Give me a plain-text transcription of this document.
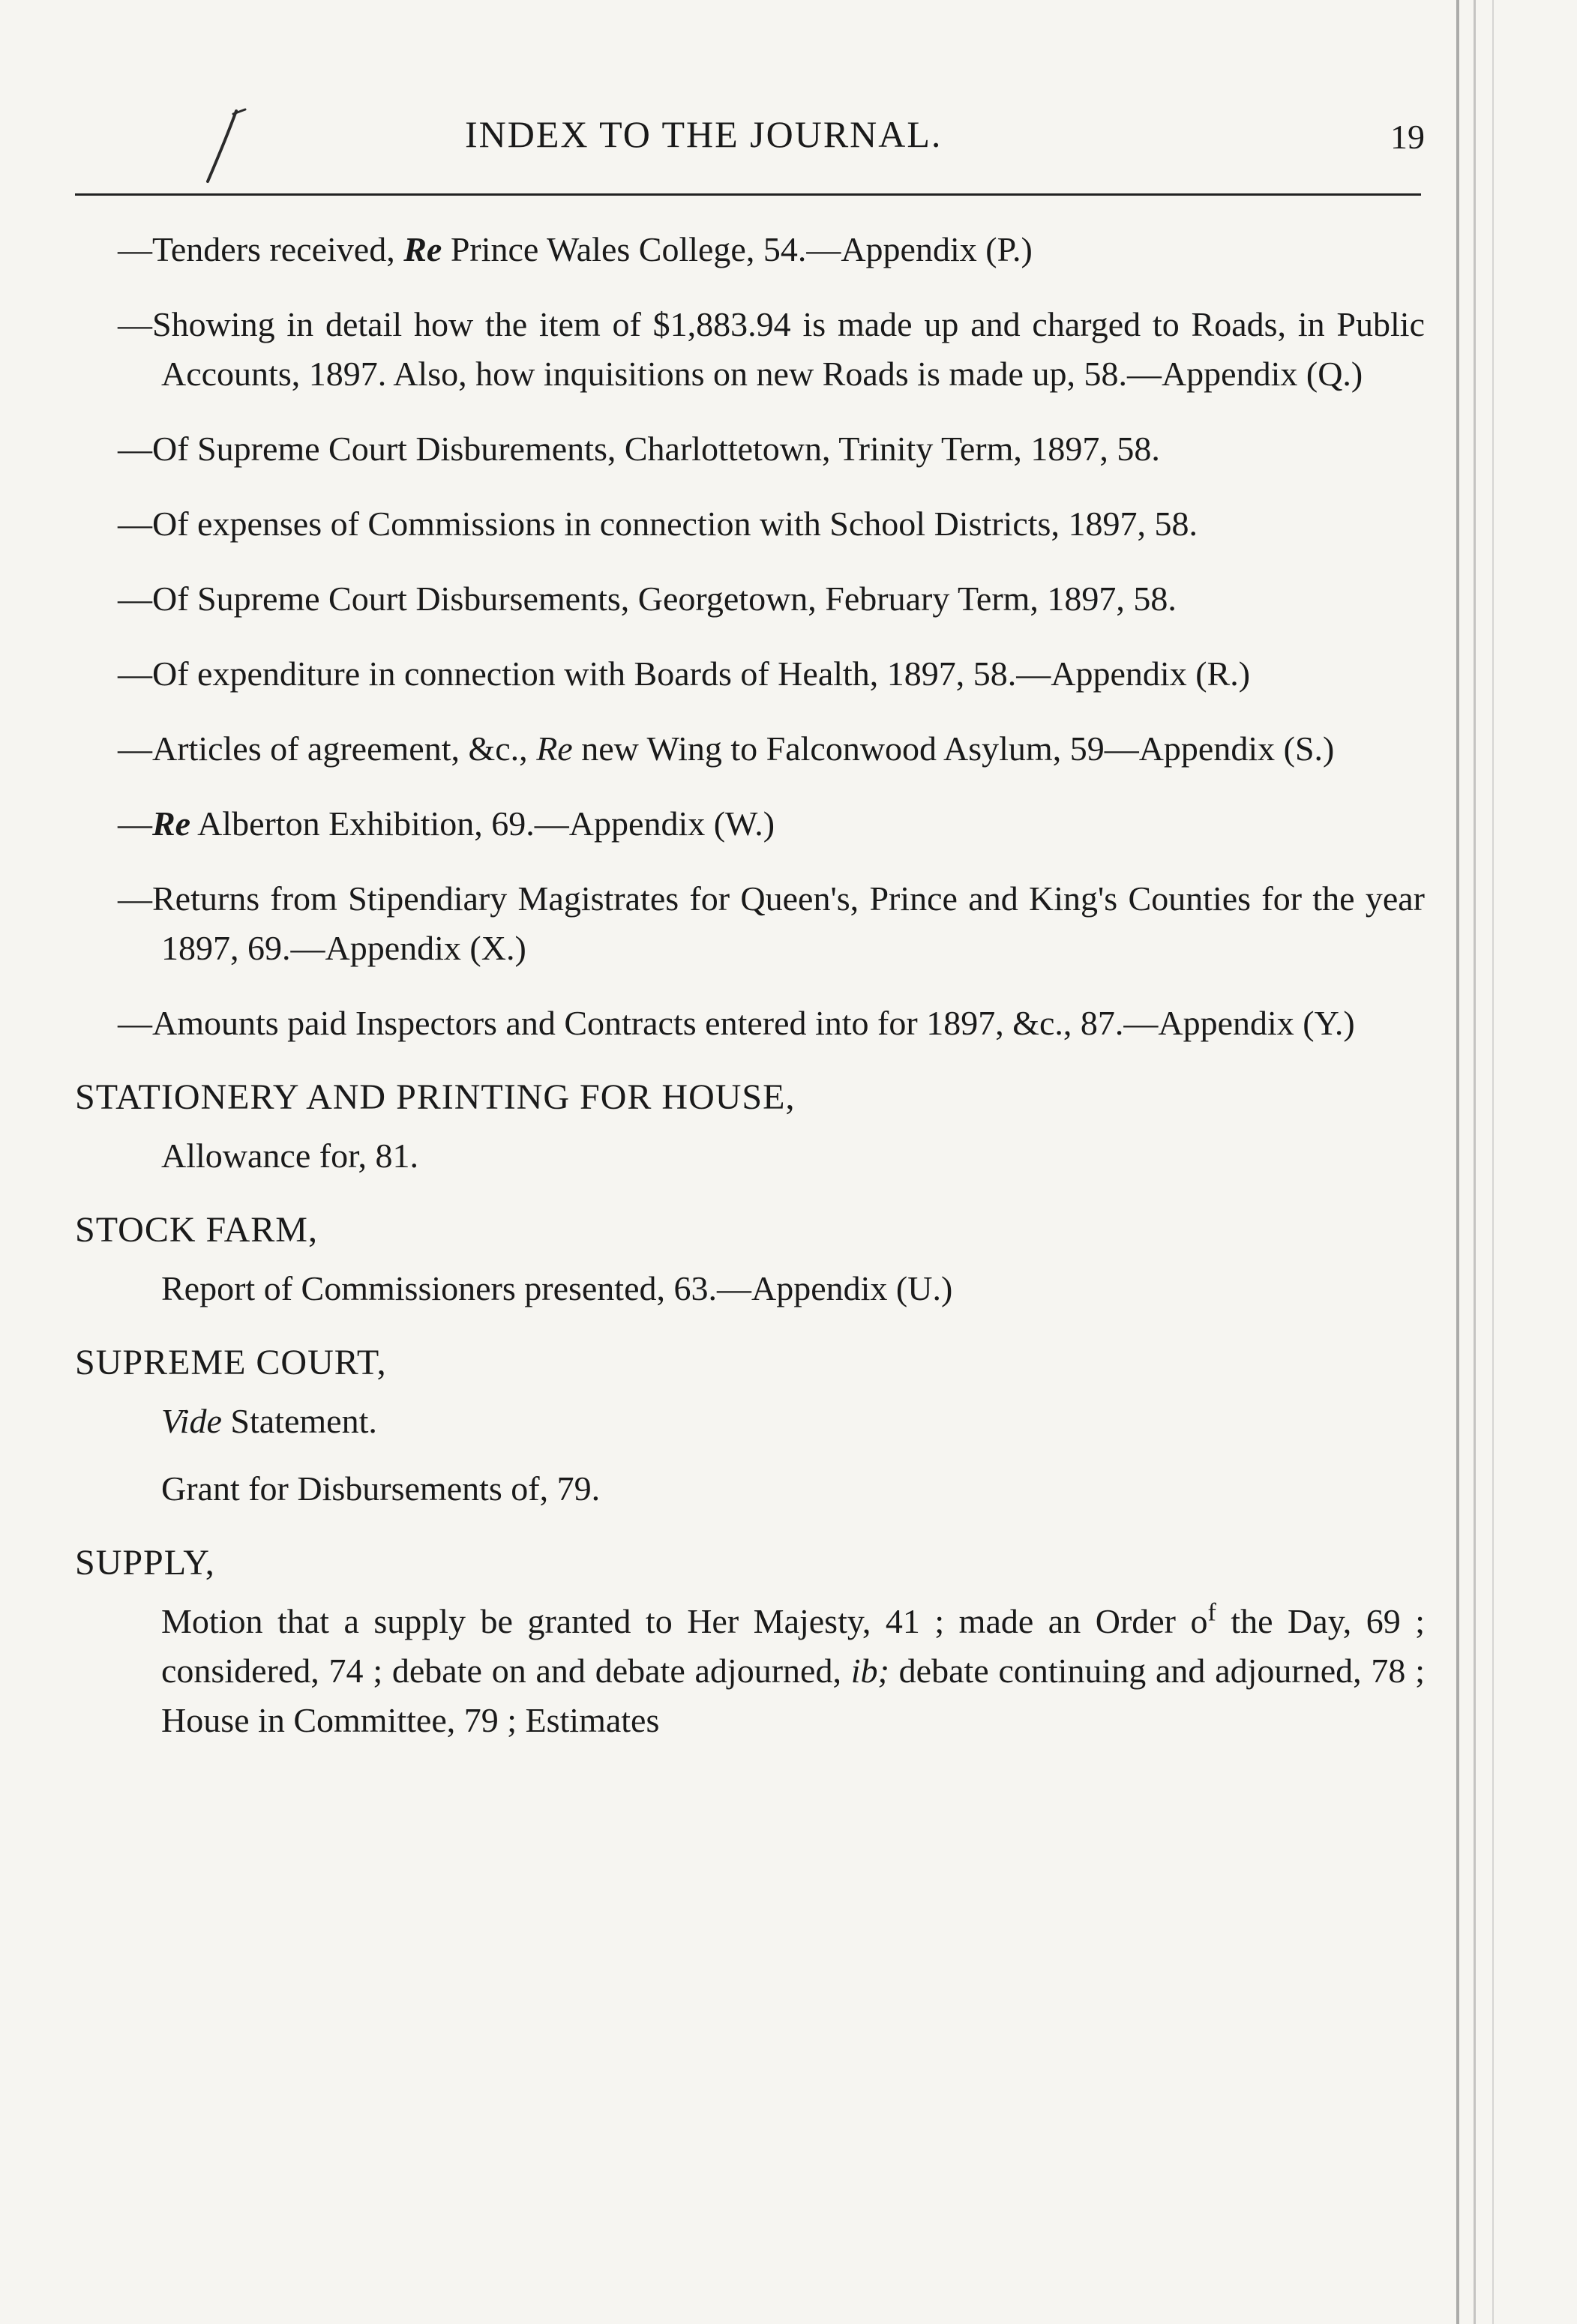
INDEX TO THE JOURNAL.	19
—Tenders received, Re Prince Wales College, 54.—Appendix (P.)
—Showing in detail how the item of $1,883.94 is made up and charged to Roads, in Public Accounts, 1897. Also, how inquisitions on new Roads is made up, 58.—Appendix (Q.)
—Of Supreme Court Disburements, Charlottetown, Trinity Term, 1897, 58.
—Of expenses of Commissions in connection with School Districts, 1897, 58.
—Of Supreme Court Disbursements, Georgetown, February Term, 1897, 58.
—Of expenditure in connection with Boards of Health, 1897, 58.—Appendix (R.)
—Articles of agreement, &c., Re new Wing to Falconwood Asylum, 59—Appendix (S.)
—Re Alberton Exhibition, 69.—Appendix (W.)
—Returns from Stipendiary Magistrates for Queen's, Prince and King's Counties for the year 1897, 69.—Appendix (X.)
—Amounts paid Inspectors and Contracts entered into for 1897, &c., 87.—Appendix (Y.)
STATIONERY AND PRINTING FOR HOUSE,
Allowance for, 81.
STOCK FARM,
Report of Commissioners presented, 63.—Appendix (U.)
SUPREME COURT,
Vide Statement.
Grant for Disbursements of, 79.
SUPPLY,
Motion that a supply be granted to Her Majesty, 41 ; made an Order $o^f$ the Day, 69 ; considered, 74 ; debate on and debate adjourned, ib; debate continuing and adjourned, 78 ; House in Committee, 79 ; Estimates
